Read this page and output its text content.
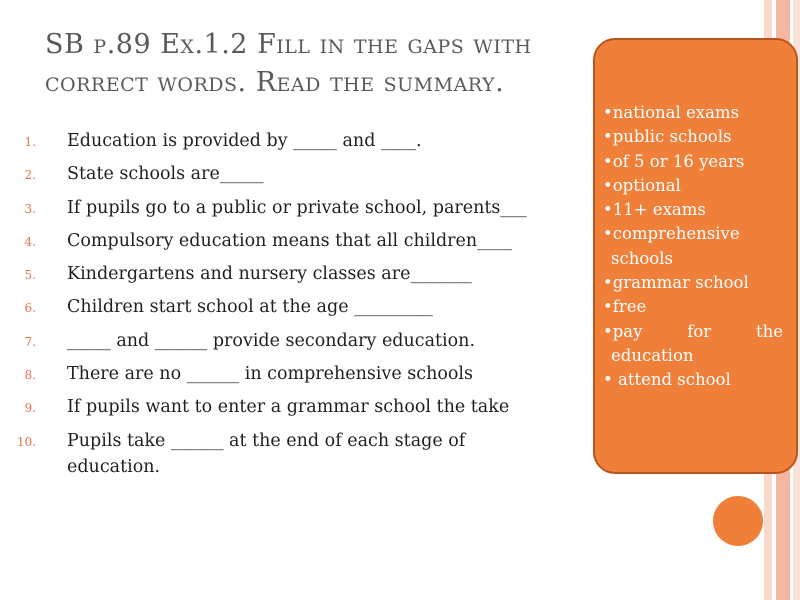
SB p.89 Ex.1.2 Fill in the gaps with correct words. Read the summary.
1. Education is provided by _____ and ____.
2. State schools are_____
3. If pupils go to a public or private school, parents___
4. Compulsory education means that all children____
5. Kindergartens and nursery classes are_______
6. Children start school at the age _________
7. _____ and ______ provide secondary education.
8. There are no ______ in comprehensive schools
9. If pupils want to enter a grammar school the take
10. Pupils take ______ at the end of each stage of education.
•national exams
•public schools
•of 5 or 16 years
•optional
•11+ exams
•comprehensive
schools
•grammar school
•free
•pay	for	the
education
• attend school
